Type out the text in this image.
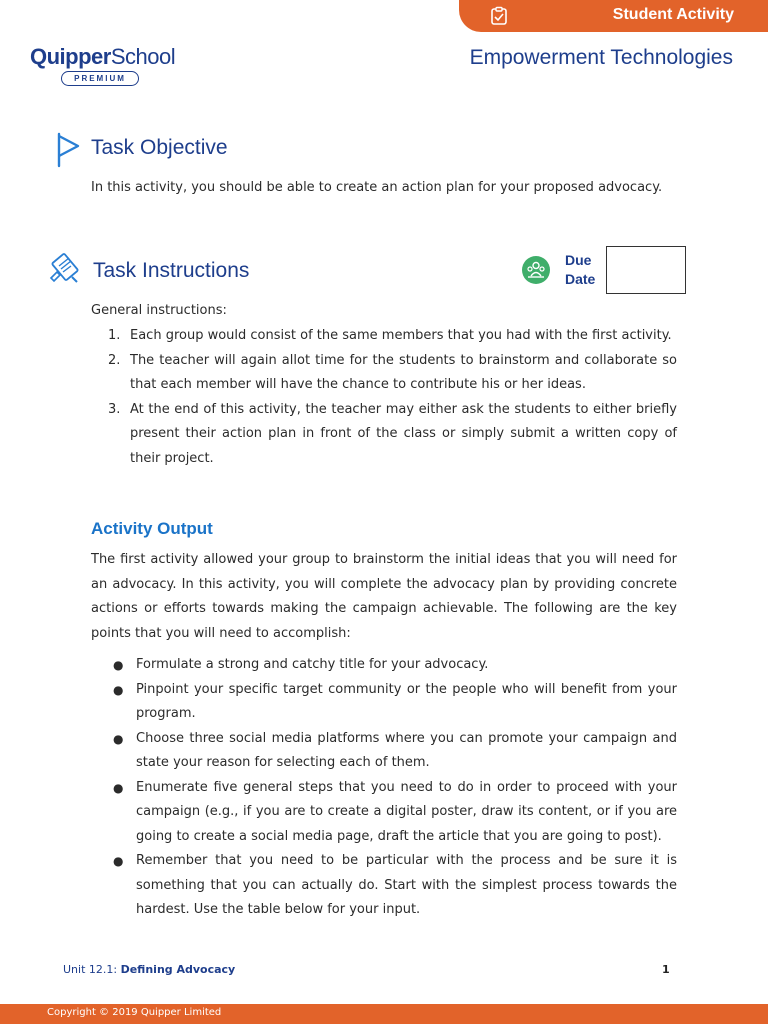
Student Activity
QuipperSchool
PREMIUM
Empowerment Technologies
Task Objective
In this activity, you should be able to create an action plan for your proposed advocacy.
Task Instructions	Due
Date
General instructions:
1. Each group would consist of the same members that you had with the first activity.
2. The teacher will again allot time for the students to brainstorm and collaborate so that each member will have the chance to contribute his or her ideas.
3. At the end of this activity, the teacher may either ask the students to either briefly present their action plan in front of the class or simply submit a written copy of their project.
Activity Output
The first activity allowed your group to brainstorm the initial ideas that you will need for an advocacy. In this activity, you will complete the advocacy plan by providing concrete actions or efforts towards making the campaign achievable. The following are the key points that you will need to accomplish:
● Formulate a strong and catchy title for your advocacy.
● Pinpoint your specific target community or the people who will benefit from your program.
● Choose three social media platforms where you can promote your campaign and state your reason for selecting each of them.
● Enumerate five general steps that you need to do in order to proceed with your campaign (e.g., if you are to create a digital poster, draw its content, or if you are going to create a social media page, draft the article that you are going to post).
● Remember that you need to be particular with the process and be sure it is something that you can actually do. Start with the simplest process towards the hardest. Use the table below for your input.
Unit 12.1: Defining Advocacy	1
Copyright © 2019 Quipper Limited
